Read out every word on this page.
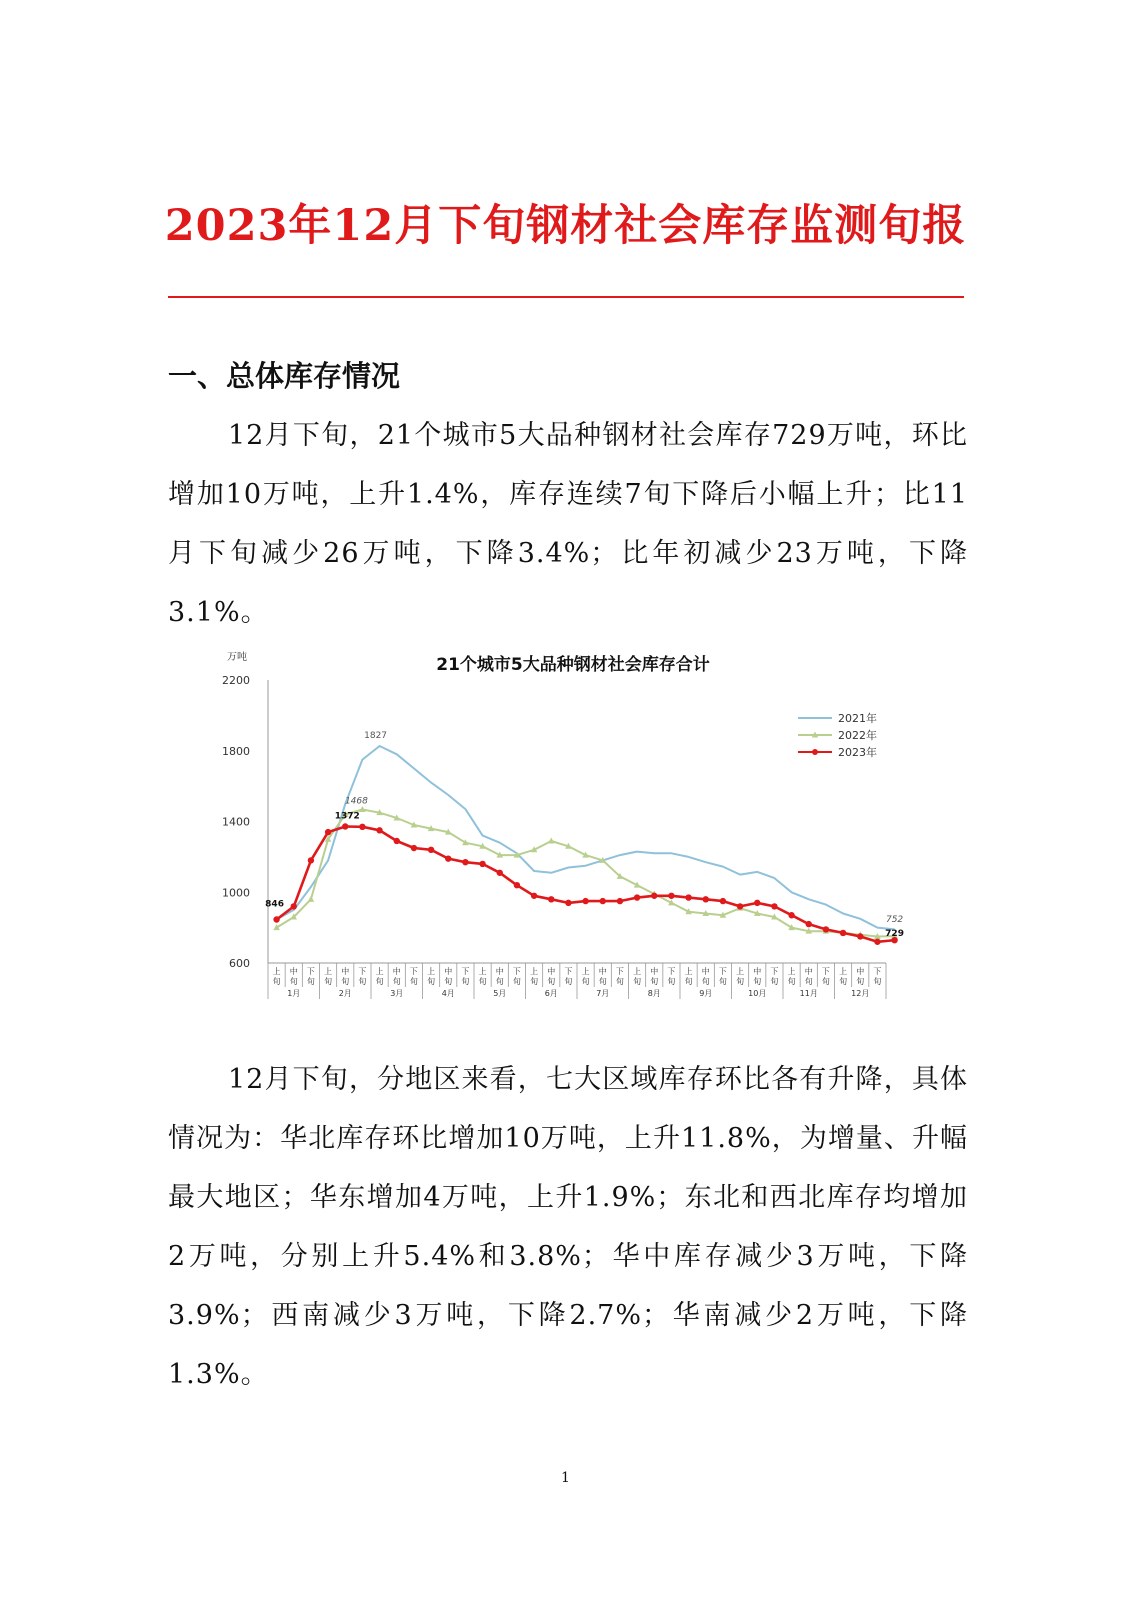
2023年12月下旬钢材社会库存监测旬报
一、总体库存情况
12月下旬，21个城市5大品种钢材社会库存729万吨，环比增加10万吨，上升1.4%，库存连续7旬下降后小幅上升；比11月下旬减少26万吨，下降3.4%；比年初减少23万吨，下降3.1%。
21个城市5大品种钢材社会库存合计
万吨
600
1000
1400
1800
2200
上
旬
中
旬
下
旬
上
旬
中
旬
下
旬
上
旬
中
旬
下
旬
上
旬
中
旬
下
旬
上
旬
中
旬
下
旬
上
旬
中
旬
下
旬
上
旬
中
旬
下
旬
上
旬
中
旬
下
旬
上
旬
中
旬
下
旬
上
旬
中
旬
下
旬
上
旬
中
旬
下
旬
上
旬
中
旬
下
旬
1月	2月	3月	4月	5月	6月	7月	8月	9月	10月	11月	12月
1827
1468
1372
846
752
729
2021年
2022年
2023年
12月下旬，分地区来看，七大区域库存环比各有升降，具体情况为：华北库存环比增加10万吨，上升11.8%，为增量、升幅最大地区；华东增加4万吨，上升1.9%；东北和西北库存均增加2万吨，分别上升5.4%和3.8%；华中库存减少3万吨，下降3.9%；西南减少3万吨，下降2.7%；华南减少2万吨，下降1.3%。
1
